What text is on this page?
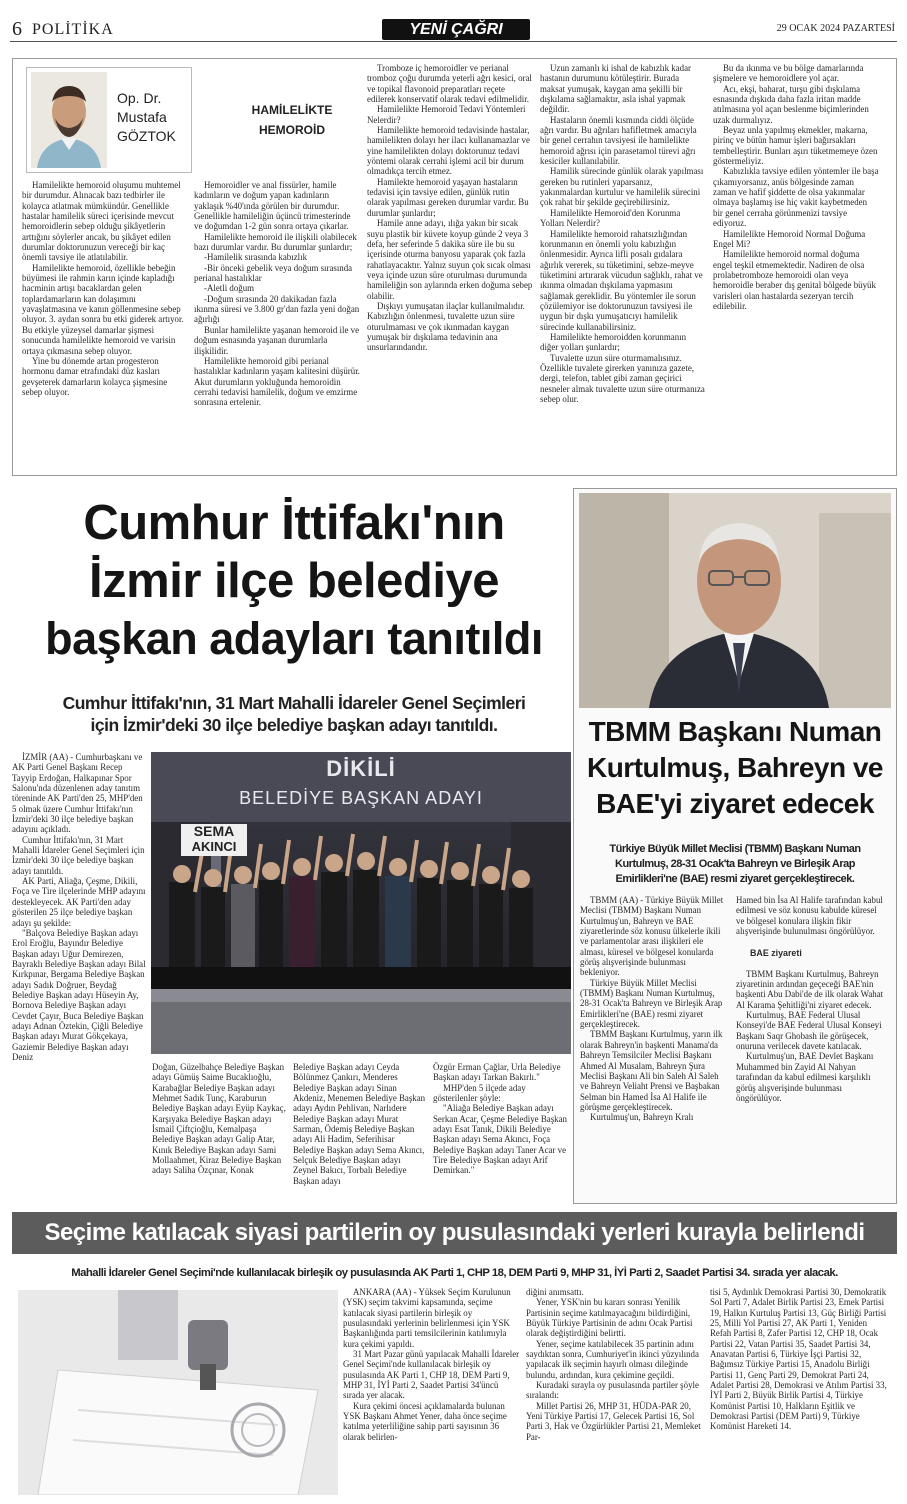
6 POLİTİKA	YENİ ÇAĞRI	29 OCAK 2024 PAZARTESİ
Op. Dr.
Mustafa
GÖZTOK
HAMİLELİKTE
HEMOROİD

Hamilelikte hemoroid oluşumu muhtemel bir durumdur. Alınacak bazı tedbirler ile kolayca atlatmak mümkündür. Genellikle hastalar hamilelik süreci içerisinde mevcut hemoroidlerin sebep olduğu şikâyetlerin arttığını söylerler ancak, bu şikâyet edilen durumlar doktorunuzun vereceği bir kaç önemli tavsiye ile atlatılabilir.

Hamilelikte hemoroid, özellikle bebeğin büyümesi ile rahmin karın içinde kapladığı hacminin artışı bacaklardan gelen toplardamarların kan dolaşımını yavaşlatmasına ve kanın göllenmesine sebep oluyor. 3. aydan sonra bu etki giderek artıyor. Bu etkiyle yüzeysel damarlar şişmesi sonucunda hamilelikte hemoroid ve varisin ortaya çıkmasına sebep oluyor.

Yine bu dönemde artan progesteron hormonu damar etrafındaki düz kasları gevşeterek damarların kolayca şişmesine sebep oluyor.

Hemoroidler ve anal fissürler, hamile kadınların ve doğum yapan kadınların yaklaşık %40'ında görülen bir durumdur. Genellikle hamileliğin üçüncü trimesterinde ve doğumdan 1-2 gün sonra ortaya çıkarlar.

Hamilelikte hemoroid ile ilişkili olabilecek bazı durumlar vardır. Bu durumlar şunlardır;

-Hamilelik sırasında kabızlık

-Bir önceki gebelik veya doğum sırasında perianal hastalıklar

-Aletli doğum

-Doğum sırasında 20 dakikadan fazla ıkınma süresi ve 3.800 gr'dan fazla yeni doğan ağırlığı

Bunlar hamilelikte yaşanan hemoroid ile ve doğum esnasında yaşanan durumlarla ilişkilidir.

Hamilelikte hemoroid gibi perianal hastalıklar kadınların yaşam kalitesini düşürür. Akut durumların yokluğunda hemoroidin cerrahi tedavisi hamilelik, doğum ve emzirme sonrasına ertelenir.

Tromboze iç hemoroidler ve perianal tromboz çoğu durumda yeterli ağrı kesici, oral ve topikal flavonoid preparatları reçete edilerek konservatif olarak tedavi edilmelidir.

Hamilelikte Hemoroid Tedavi Yöntemleri Nelerdir?

Hamilelikte hemoroid tedavisinde hastalar, hamilelikten dolayı her ilacı kullanamazlar ve yine hamilelikten dolayı doktorunuz tedavi yöntemi olarak cerrahi işlemi acil bir durum olmadıkça tercih etmez.

Hamilekte hemoroid yaşayan hastaların tedavisi için tavsiye edilen, günlük rutin olarak yapılması gereken durumlar vardır. Bu durumlar şunlardır;

Hamile anne adayı, ılığa yakın bir sıcak suyu plastik bir küvete koyup günde 2 veya 3 defa, her seferinde 5 dakika süre ile bu su içerisinde oturma banyosu yaparak çok fazla rahatlayacaktır. Yalnız suyun çok sıcak olması veya içinde uzun süre oturulması durumunda hamileliğin son aylarında erken doğuma sebep olabilir.

Dışkıyı yumuşatan ilaçlar kullanılmalıdır. Kabızlığın önlenmesi, tuvalette uzun süre oturulmaması ve çok ıkınmadan kaygan yumuşak bir dışkılama tedavinin ana unsurlarındandır.

Uzun zamanlı ki ishal de kabızlık kadar hastanın durumunu kötüleştirir. Burada maksat yumuşak, kaygan ama şekilli bir dışkılama sağlamaktır, asla ishal yapmak değildir.

Hastaların önemli kısmında ciddi ölçüde ağrı vardır. Bu ağrıları hafifletmek amacıyla bir genel cerrahın tavsiyesi ile hamilelikte hemoroid ağrısı için parasetamol türevi ağrı kesiciler kullanılabilir.

Hamilik sürecinde günlük olarak yapılması gereken bu rutinleri yaparsanız, yakınmalardan kurtulur ve hamilelik sürecini çok rahat bir şekilde geçirebilirsiniz.

Hamilelikte Hemoroid'den Korunma Yolları Nelerdir?

Hamilelikte hemoroid rahatsızlığından korunmanın en önemli yolu kabızlığın önlenmesidir. Ayrıca lifli posalı gıdalara ağırlık vererek, su tüketimini, sebze-meyve tüketimini artırarak vücudun sağlıklı, rahat ve ıkınma olmadan dışkılama yapmasını sağlamak gereklidir. Bu yöntemler ile sorun çözülemiyor ise doktorunuzun tavsiyesi ile uygun bir dışkı yumuşatıcıyı hamilelik sürecinde kullanabilirsiniz.

Hamilelikte hemoroidden korunmanın diğer yolları şunlardır;

Tuvalette uzun süre oturmamalısınız. Özellikle tuvalete girerken yanınıza gazete, dergi, telefon, tablet gibi zaman geçirici nesneler almak tuvalette uzun süre oturmanıza sebep olur.

Bu da ıkınma ve bu bölge damarlarında şişmelere ve hemoroidlere yol açar.

Acı, ekşi, baharat, turşu gibi dışkılama esnasında dışkıda daha fazla iritan madde atılmasına yol açan beslenme biçimlerinden uzak durmalıyız.

Beyaz unla yapılmış ekmekler, makarna, pirinç ve bütün hamur işleri bağırsakları tembelleştirir. Bunları aşırı tüketmemeye özen göstermeliyiz.

Kabızlıkla tavsiye edilen yöntemler ile başa çıkamıyorsanız, anüs bölgesinde zaman zaman ve hafif şiddette de olsa yakınmalar olmaya başlamış ise hiç vakit kaybetmeden bir genel cerraha görünmenizi tavsiye ediyoruz.

Hamilelikte Hemoroid Normal Doğuma Engel Mi?

Hamilelikte hemoroid normal doğuma engel teşkil etmemektedir. Nadiren de olsa prolabetromboze hemoroidi olan veya hemoroidle beraber dış genital bölgede büyük varisleri olan hastalarda sezeryan tercih edilebilir.

Cumhur İttifakı'nın
İzmir ilçe belediye
başkan adayları tanıtıldı
Cumhur İttifakı'nın, 31 Mart Mahalli İdareler Genel Seçimleri
için İzmir'deki 30 ilçe belediye başkan adayı tanıtıldı.

İZMİR (AA) - Cumhurbaşkanı ve AK Parti Genel Başkanı Recep Tayyip Erdoğan, Halkapınar Spor Salonu'nda düzenlenen aday tanıtım töreninde AK Parti'den 25, MHP'den 5 olmak üzere Cumhur İttifakı'nın İzmir'deki 30 ilçe belediye başkan adayını açıkladı.

Cumhur İttifakı'nın, 31 Mart Mahalli İdareler Genel Seçimleri için İzmir'deki 30 ilçe belediye başkan adayı tanıtıldı.

AK Parti, Aliağa, Çeşme, Dikili, Foça ve Tire ilçelerinde MHP adayını destekleyecek. AK Parti'den aday gösterilen 25 ilçe belediye başkan adayı şu şekilde:

"Balçova Belediye Başkan adayı Erol Eroğlu, Bayındır Belediye Başkan adayı Uğur Demirezen, Bayraklı Belediye Başkan adayı Bilal Kırkpınar, Bergama Belediye Başkan adayı Sadık Doğruer, Beydağ Belediye Başkan adayı Hüseyin Ay, Bornova Belediye Başkan adayı Cevdet Çayır, Buca Belediye Başkan adayı Adnan Öztekin, Çiğli Belediye Başkan adayı Murat Gökçekaya, Gaziemir Belediye Başkan adayı Deniz

DİKİLİ
BELEDİYE BAŞKAN ADAYI
SEMA
AKINCI

Doğan, Güzelbahçe Belediye Başkan adayı Gümüş Saime Bucaklıoğlu, Karabağlar Belediye Başkan adayı Mehmet Sadık Tunç, Karaburun Belediye Başkan adayı Eyüp Kaykaç, Karşıyaka Belediye Başkan adayı İsmail Çiftçioğlu, Kemalpaşa Belediye Başkan adayı Galip Atar, Kınık Belediye Başkan adayı Sami Mollaahmet, Kiraz Belediye Başkan adayı Saliha Özçınar, Konak

Belediye Başkan adayı Ceyda Bölünmez Çankırı, Menderes Belediye Başkan adayı Sinan Akdeniz, Menemen Belediye Başkan adayı Aydın Pehlivan, Narlıdere Belediye Başkan adayı Murat Sarman, Ödemiş Belediye Başkan adayı Ali Hadim, Seferihisar Belediye Başkan adayı Sema Akıncı, Selçuk Belediye Başkan adayı Zeynel Bakıcı, Torbalı Belediye Başkan adayı

Özgür Erman Çağlar, Urla Belediye Başkan adayı Tarkan Bakırlı."

MHP'den 5 ilçede aday gösterilenler şöyle:

"Aliağa Belediye Başkan adayı Serkan Acar, Çeşme Belediye Başkan adayı Esat Tanık, Dikili Belediye Başkan adayı Sema Akıncı, Foça Belediye Başkan adayı Taner Acar ve Tire Belediye Başkan adayı Arif Demirkan."

TBMM Başkanı Numan
Kurtulmuş, Bahreyn ve
BAE'yi ziyaret edecek
Türkiye Büyük Millet Meclisi (TBMM) Başkanı Numan
Kurtulmuş, 28-31 Ocak'ta Bahreyn ve Birleşik Arap
Emirlikleri'ne (BAE) resmi ziyaret gerçekleştirecek.

TBMM (AA) - Türkiye Büyük Millet Meclisi (TBMM) Başkanı Numan Kurtulmuş'un, Bahreyn ve BAE ziyaretlerinde söz konusu ülkelerle ikili ve parlamentolar arası ilişkileri ele alması, küresel ve bölgesel konularda görüş alışverişinde bulunması bekleniyor.

Türkiye Büyük Millet Meclisi (TBMM) Başkanı Numan Kurtulmuş, 28-31 Ocak'ta Bahreyn ve Birleşik Arap Emirlikleri'ne (BAE) resmi ziyaret gerçekleştirecek.

TBMM Başkanı Kurtulmuş, yarın ilk olarak Bahreyn'in başkenti Manama'da Bahreyn Temsilciler Meclisi Başkanı Ahmed Al Musalam, Bahreyn Şura Meclisi Başkanı Ali bin Saleh Al Saleh ve Bahreyn Veliaht Prensi ve Başbakan Selman bin Hamed İsa Al Halife ile görüşme gerçekleştirecek.

Kurtulmuş'un, Bahreyn Kralı

Hamed bin İsa Al Halife tarafından kabul edilmesi ve söz konusu kabulde küresel ve bölgesel konulara ilişkin fikir alışverişinde bulunulması öngörülüyor.

BAE ziyareti

TBMM Başkanı Kurtulmuş, Bahreyn ziyaretinin ardından geçeceği BAE'nin başkenti Abu Dabi'de de ilk olarak Wahat Al Karama Şehitliği'ni ziyaret edecek.

Kurtulmuş, BAE Federal Ulusal Konseyi'de BAE Federal Ulusal Konseyi Başkanı Saqr Ghobash ile görüşecek, onuruna verilecek davete katılacak.

Kurtulmuş'un, BAE Devlet Başkanı Muhammed bin Zayid Al Nahyan tarafından da kabul edilmesi karşılıklı görüş alışverişinde bulunması öngörülüyor.

Seçime katılacak siyasi partilerin oy pusulasındaki yerleri kurayla belirlendi
Mahalli İdareler Genel Seçimi'nde kullanılacak birleşik oy pusulasında AK Parti 1, CHP 18, DEM Parti 9, MHP 31, İYİ Parti 2, Saadet Partisi 34. sırada yer alacak.

ANKARA (AA) - Yüksek Seçim Kurulunun (YSK) seçim takvimi kapsamında, seçime katılacak siyasi partilerin birleşik oy pusulasındaki yerlerinin belirlenmesi için YSK Başkanlığında parti temsilcilerinin katılımıyla kura çekimi yapıldı.

31 Mart Pazar günü yapılacak Mahalli İdareler Genel Seçimi'nde kullanılacak birleşik oy pusulasında AK Parti 1, CHP 18, DEM Parti 9, MHP 31, İYİ Parti 2, Saadet Partisi 34'üncü sırada yer alacak.

Kura çekimi öncesi açıklamalarda bulunan YSK Başkanı Ahmet Yener, daha önce seçime katılma yeterliliğine sahip parti sayısının 36 olarak belirlen-

diğini anımsattı.

Yener, YSK'nin bu kararı sonrası Yenilik Partisinin seçime katılmayacağını bildirdiğini, Büyük Türkiye Partisinin de adını Ocak Partisi olarak değiştirdiğini belirtti.

Yener, seçime katılabilecek 35 partinin adını saydıktan sonra, Cumhuriyet'in ikinci yüzyılında yapılacak ilk seçimin hayırlı olması dileğinde bulundu, ardından, kura çekimine geçildi.

Kuradaki sırayla oy pusulasında partiler şöyle sıralandı:

Millet Partisi 26, MHP 31, HÜDA-PAR 20, Yeni Türkiye Partisi 17, Gelecek Partisi 16, Sol Parti 3, Hak ve Özgürlükler Partisi 21, Memleket Par-

tisi 5, Aydınlık Demokrasi Partisi 30, Demokratik Sol Parti 7, Adalet Birlik Partisi 23, Emek Partisi 19, Halkın Kurtuluş Partisi 13, Güç Birliği Partisi 25, Milli Yol Partisi 27, AK Parti 1, Yeniden Refah Partisi 8, Zafer Partisi 12, CHP 18, Ocak Partisi 22, Vatan Partisi 35, Saadet Partisi 34, Anavatan Partisi 6, Türkiye İşçi Partisi 32, Bağımsız Türkiye Partisi 15, Anadolu Birliği Partisi 11, Genç Parti 29, Demokrat Parti 24, Adalet Partisi 28, Demokrasi ve Atılım Partisi 33, İYİ Parti 2, Büyük Birlik Partisi 4, Türkiye Komünist Partisi 10, Halkların Eşitlik ve Demokrasi Partisi (DEM Parti) 9, Türkiye Komünist Hareketi 14.
